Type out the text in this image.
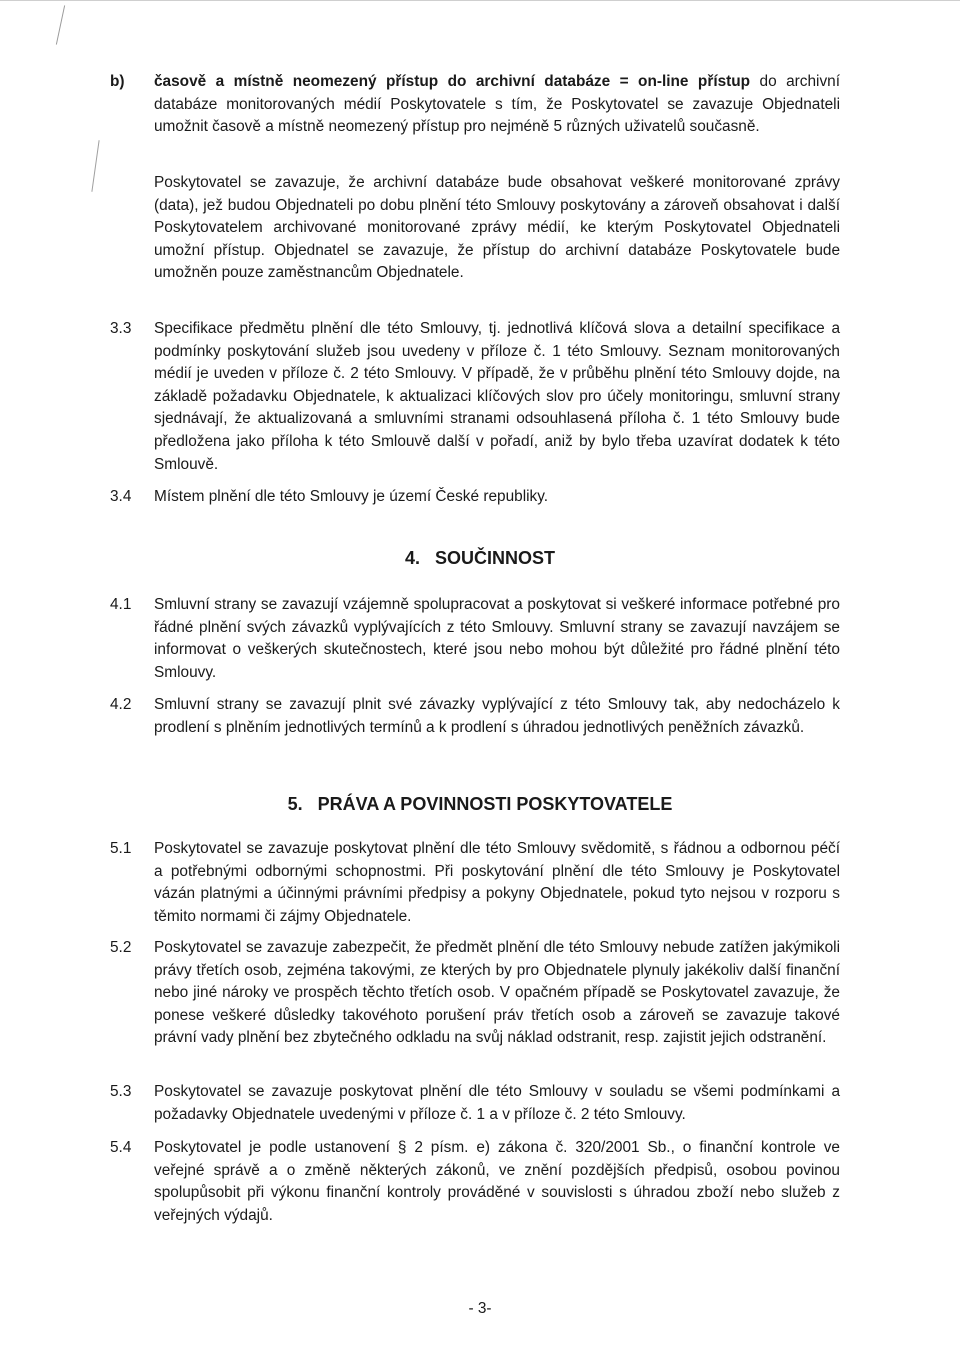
b) časově a místně neomezený přístup do archivní databáze = on-line přístup do archivní databáze monitorovaných médií Poskytovatele s tím, že Poskytovatel se zavazuje Objednateli umožnit časově a místně neomezený přístup pro nejméně 5 různých uživatelů současně.
Poskytovatel se zavazuje, že archivní databáze bude obsahovat veškeré monitorované zprávy (data), jež budou Objednateli po dobu plnění této Smlouvy poskytovány a zároveň obsahovat i další Poskytovatelem archivované monitorované zprávy médií, ke kterým Poskytovatel Objednateli umožní přístup. Objednatel se zavazuje, že přístup do archivní databáze Poskytovatele bude umožněn pouze zaměstnancům Objednatele.
3.3 Specifikace předmětu plnění dle této Smlouvy, tj. jednotlivá klíčová slova a detailní specifikace a podmínky poskytování služeb jsou uvedeny v příloze č. 1 této Smlouvy. Seznam monitorovaných médií je uveden v příloze č. 2 této Smlouvy. V případě, že v průběhu plnění této Smlouvy dojde, na základě požadavku Objednatele, k aktualizaci klíčových slov pro účely monitoringu, smluvní strany sjednávají, že aktualizovaná a smluvními stranami odsouhlasená příloha č. 1 této Smlouvy bude předložena jako příloha k této Smlouvě další v pořadí, aniž by bylo třeba uzavírat dodatek k této Smlouvě.
3.4 Místem plnění dle této Smlouvy je území České republiky.
4.   SOUČINNOST
4.1 Smluvní strany se zavazují vzájemně spolupracovat a poskytovat si veškeré informace potřebné pro řádné plnění svých závazků vyplývajících z této Smlouvy. Smluvní strany se zavazují navzájem se informovat o veškerých skutečnostech, které jsou nebo mohou být důležité pro řádné plnění této Smlouvy.
4.2 Smluvní strany se zavazují plnit své závazky vyplývající z této Smlouvy tak, aby nedocházelo k prodlení s plněním jednotlivých termínů a k prodlení s úhradou jednotlivých peněžních závazků.
5.   PRÁVA A POVINNOSTI POSKYTOVATELE
5.1 Poskytovatel se zavazuje poskytovat plnění dle této Smlouvy svědomitě, s řádnou a odbornou péčí a potřebnými odbornými schopnostmi. Při poskytování plnění dle této Smlouvy je Poskytovatel vázán platnými a účinnými právními předpisy a pokyny Objednatele, pokud tyto nejsou v rozporu s těmito normami či zájmy Objednatele.
5.2 Poskytovatel se zavazuje zabezpečit, že předmět plnění dle této Smlouvy nebude zatížen jakýmikoli právy třetích osob, zejména takovými, ze kterých by pro Objednatele plynuly jakékoliv další finanční nebo jiné nároky ve prospěch těchto třetích osob. V opačném případě se Poskytovatel zavazuje, že ponese veškeré důsledky takovéhoto porušení práv třetích osob a zároveň se zavazuje takové právní vady plnění bez zbytečného odkladu na svůj náklad odstranit, resp. zajistit jejich odstranění.
5.3 Poskytovatel se zavazuje poskytovat plnění dle této Smlouvy v souladu se všemi podmínkami a požadavky Objednatele uvedenými v příloze č. 1 a v příloze č. 2 této Smlouvy.
5.4 Poskytovatel je podle ustanovení § 2 písm. e) zákona č. 320/2001 Sb., o finanční kontrole ve veřejné správě a o změně některých zákonů, ve znění pozdějších předpisů, osobou povinou spolupůsobit při výkonu finanční kontroly prováděné v souvislosti s úhradou zboží nebo služeb z veřejných výdajů.
- 3-
